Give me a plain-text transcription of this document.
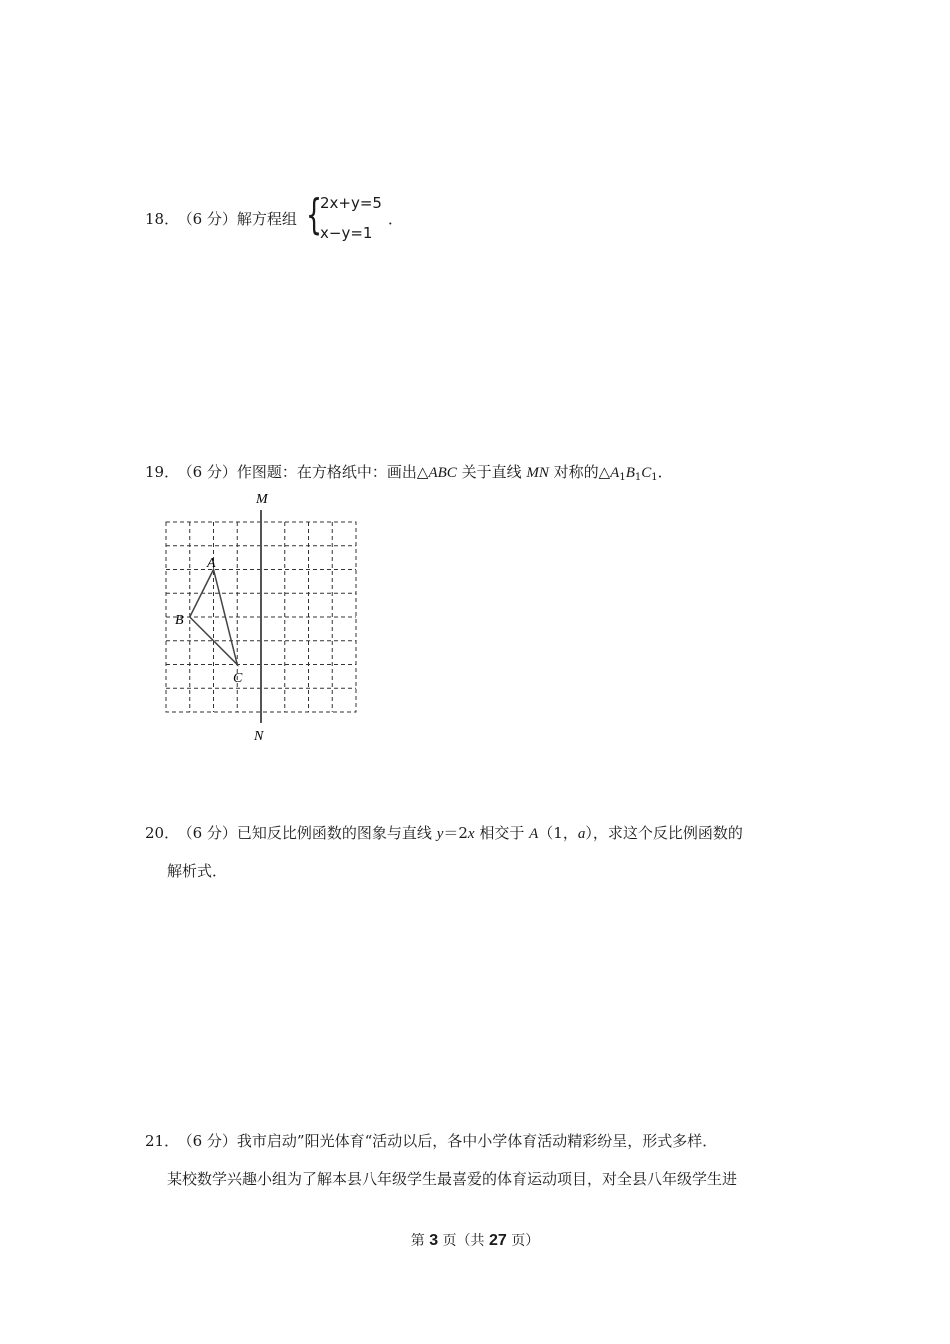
18． （6 分）解方程组 {
2x+y=5
x−y=1
．
19． （6 分）作图题：在方格纸中：画出△ABC 关于直线 MN 对称的$\triangle A_1B_1C_1$．
M
N
A
B
C
20． （6 分）已知反比例函数的图象与直线 y＝2x 相交于 A（1，a），求这个反比例函数的
解析式．
21． （6 分）我市启动”阳光体育“活动以后，各中小学体育活动精彩纷呈，形式多样．
某校数学兴趣小组为了解本县八年级学生最喜爱的体育运动项目，对全县八年级学生进
第 3 页（共 27 页）
